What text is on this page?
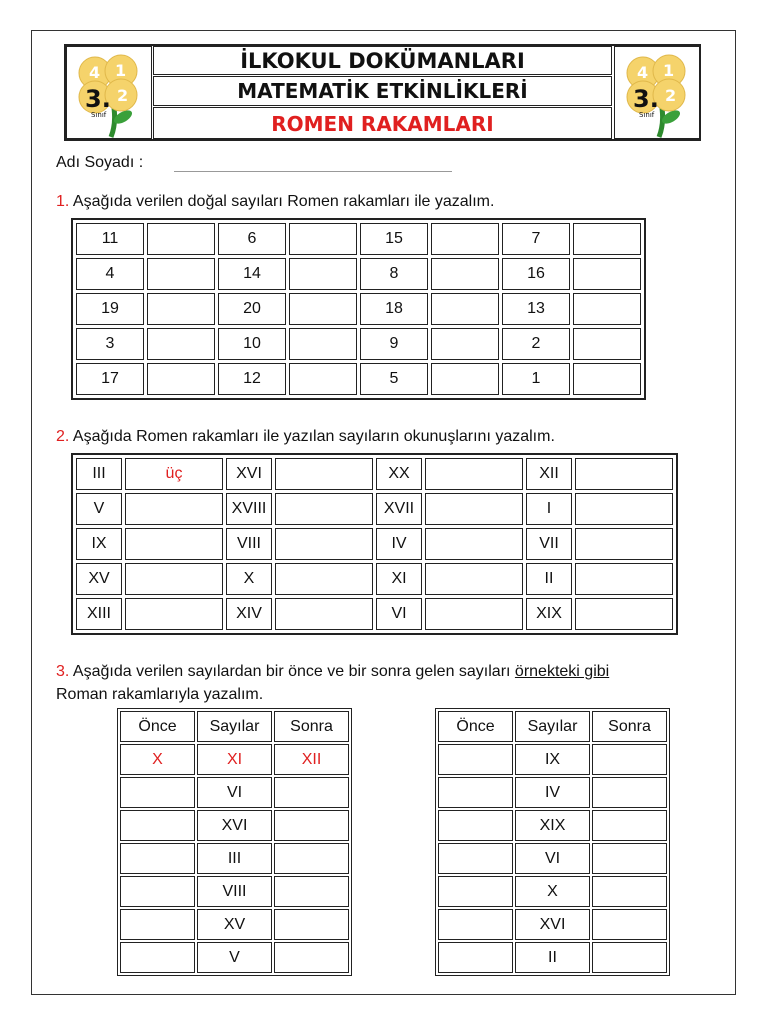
4 1
2
3.
Sınıf
4 1
2
3.
Sınıf
İLKOKUL DOKÜMANLARI
MATEMATİK ETKİNLİKLERİ
ROMEN RAKAMLARI
Adı Soyadı :
1. Aşağıda verilen doğal sayıları Romen rakamları ile yazalım.
11		6		15		7	
4		14		8		16	
19		20		18		13	
3		10		9		2	
17		12		5		1	
2. Aşağıda Romen rakamları ile yazılan sayıların okunuşlarını yazalım.
III	üç	XVI		XX		XII	
V		XVIII		XVII		I	
IX		VIII		IV		VII	
XV		X		XI		II	
XIII		XIV		VI		XIX	
3. Aşağıda verilen sayılardan bir önce ve bir sonra gelen sayıları örnekteki gibi
Roman rakamlarıyla yazalım.
Önce	Sayılar	Sonra
X	XI	XII
	VI	
	XVI	
	III	
	VIII	
	XV	
	V	
Önce	Sayılar	Sonra
	IX	
	IV	
	XIX	
	VI	
	X	
	XVI	
	II	
